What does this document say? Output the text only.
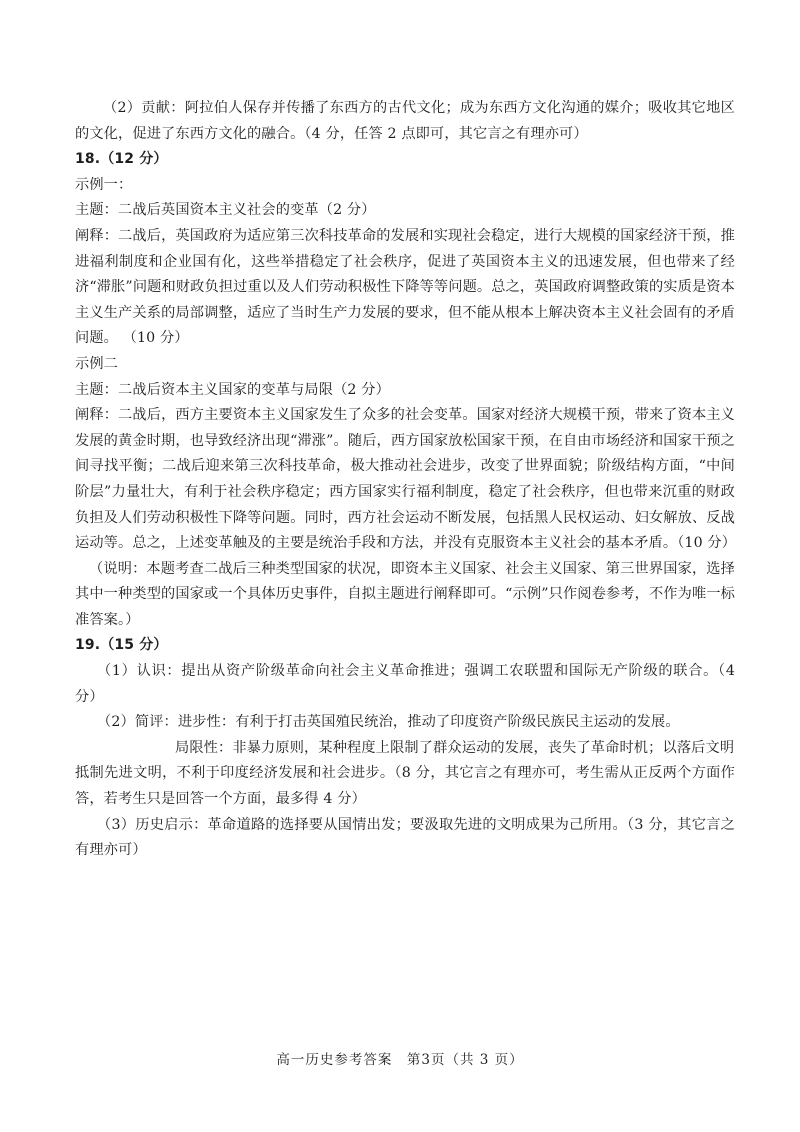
（2）贡献：阿拉伯人保存并传播了东西方的古代文化；成为东西方文化沟通的媒介；吸收其它地区的文化，促进了东西方文化的融合。（4 分，任答 2 点即可，其它言之有理亦可）

18.（12 分）

示例一：

主题：二战后英国资本主义社会的变革（2 分）

阐释：二战后，英国政府为适应第三次科技革命的发展和实现社会稳定，进行大规模的国家经济干预，推进福利制度和企业国有化，这些举措稳定了社会秩序，促进了英国资本主义的迅速发展，但也带来了经济“滞胀”问题和财政负担过重以及人们劳动积极性下降等等问题。总之，英国政府调整政策的实质是资本主义生产关系的局部调整，适应了当时生产力发展的要求，但不能从根本上解决资本主义社会固有的矛盾问题。 （10 分）

示例二

主题：二战后资本主义国家的变革与局限（2 分）

阐释：二战后，西方主要资本主义国家发生了众多的社会变革。国家对经济大规模干预，带来了资本主义发展的黄金时期，也导致经济出现“滞涨”。随后，西方国家放松国家干预，在自由市场经济和国家干预之间寻找平衡；二战后迎来第三次科技革命，极大推动社会进步，改变了世界面貌；阶级结构方面，“中间阶层”力量壮大，有利于社会秩序稳定；西方国家实行福利制度，稳定了社会秩序，但也带来沉重的财政负担及人们劳动积极性下降等问题。同时，西方社会运动不断发展，包括黑人民权运动、妇女解放、反战运动等。总之，上述变革触及的主要是统治手段和方法，并没有克服资本主义社会的基本矛盾。（10 分）

（说明：本题考查二战后三种类型国家的状况，即资本主义国家、社会主义国家、第三世界国家，选择其中一种类型的国家或一个具体历史事件，自拟主题进行阐释即可。“示例”只作阅卷参考，不作为唯一标准答案。）

19.（15 分）

（1）认识：提出从资产阶级革命向社会主义革命推进；强调工农联盟和国际无产阶级的联合。（4 分）

（2）简评：进步性：有利于打击英国殖民统治，推动了印度资产阶级民族民主运动的发展。

局限性：非暴力原则，某种程度上限制了群众运动的发展，丧失了革命时机；以落后文明

抵制先进文明，不利于印度经济发展和社会进步。（8 分，其它言之有理亦可，考生需从正反两个方面作答，若考生只是回答一个方面，最多得 4 分）

（3）历史启示：革命道路的选择要从国情出发；要汲取先进的文明成果为己所用。（3 分，其它言之有理亦可）

高一历史参考答案　第3页（共 3 页）
